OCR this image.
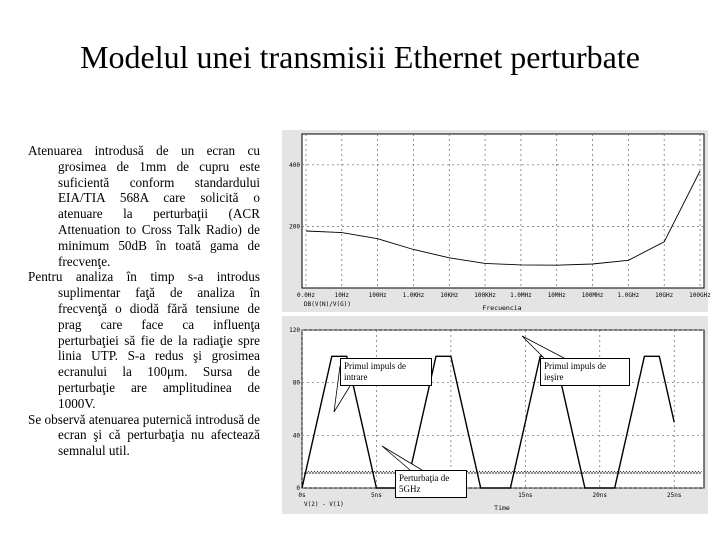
Modelul unei transmisii Ethernet perturbate

Atenuarea introdusă de un ecran cu grosimea de 1mm de cupru este suficientă conform standardului EIA/TIA 568A care solicită o atenuare la perturbaţii (ACR Attenuation to Cross Talk Radio) de minimum 50dB în toată gama de frecvenţe.

Pentru analiza în timp s-a introdus suplimentar faţă de analiza în frecvenţă o diodă fără tensiune de prag care face ca influenţa perturbaţiei să fie de la radiaţie spre linia UTP. S-a redus şi grosimea ecranului la 100μm. Sursa de perturbaţie are amplitudinea de 1000V.

Se observă atenuarea puternică introdusă de ecran şi că perturbaţia nu afectează semnalul util.

0.0Hz	10Hz	100Hz	1.0KHz	10KHz	100KHz 1.0MHz	10MHz	100MHz 1.0GHz	10GHz	100GHz
400
200
DB(V(N)/V(G))	Frecuencia
0s	5ns	15ns	20ns	25ns
120
80
40
0
V(2) - V(1)	Time
Primul impuls de intrare
Primul impuls de ieşire
Perturbaţia de 5GHz
